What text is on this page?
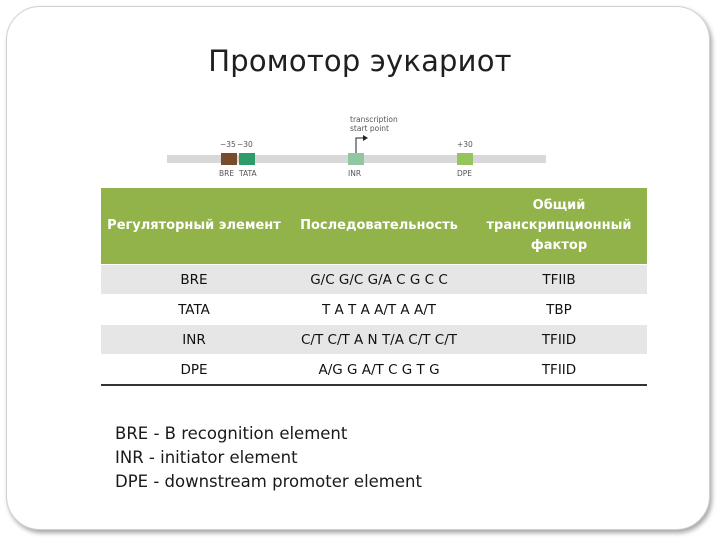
Промотор эукариот
transcription
start point
−35 −30	+30
BRE TATA	INR	DPE
Регуляторный элемент	Последовательность	Общий транскрипционный фактор
BRE	G/C G/C G/A C G C C	TFIIB
TATA	T A T A A/T A A/T	TBP
INR	C/T C/T A N T/A C/T C/T	TFIID
DPE	A/G G A/T C G T G	TFIID
BRE - B recognition element
INR - initiator element
DPE - downstream promoter element
